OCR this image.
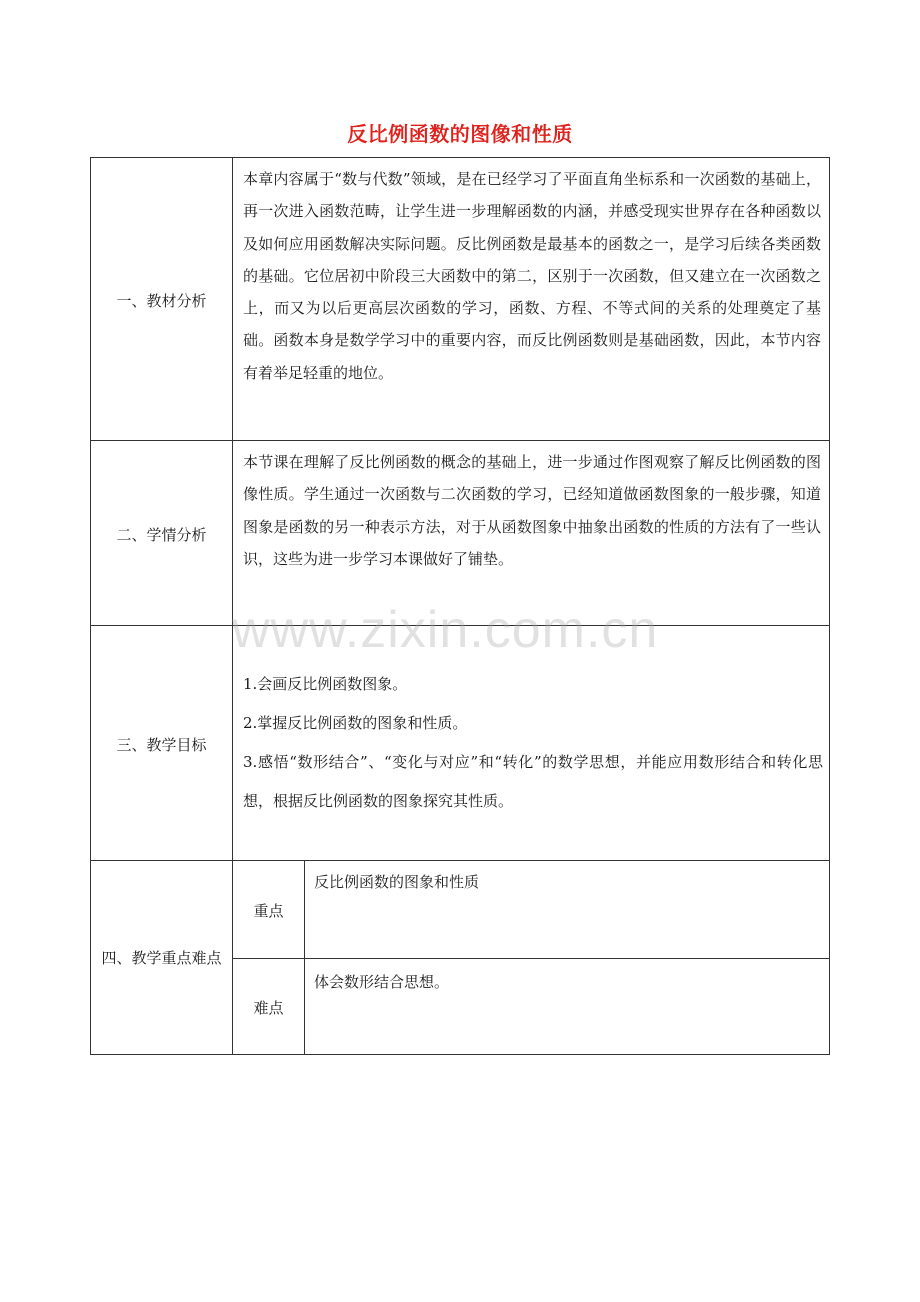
反比例函数的图像和性质
www.zixin.com.cn
一、教材分析

本章内容属于“数与代数”领域，是在已经学习了平面直角坐标系和一次函数的基础上，再一次进入函数范畴，让学生进一步理解函数的内涵，并感受现实世界存在各种函数以及如何应用函数解决实际问题。反比例函数是最基本的函数之一，是学习后续各类函数的基础。它位居初中阶段三大函数中的第二，区别于一次函数，但又建立在一次函数之上，而又为以后更高层次函数的学习，函数、方程、不等式间的关系的处理奠定了基础。函数本身是数学学习中的重要内容，而反比例函数则是基础函数，因此，本节内容有着举足轻重的地位。

二、学情分析

本节课在理解了反比例函数的概念的基础上，进一步通过作图观察了解反比例函数的图像性质。学生通过一次函数与二次函数的学习，已经知道做函数图象的一般步骤，知道图象是函数的另一种表示方法，对于从函数图象中抽象出函数的性质的方法有了一些认识，这些为进一步学习本课做好了铺垫。

三、教学目标
1.会画反比例函数图象。
2.掌握反比例函数的图象和性质。
3.感悟“数形结合”、“变化与对应”和“转化”的数学思想，并能应用数形结合和转化思想，根据反比例函数的图象探究其性质。
四、教学重点难点
重点
反比例函数的图象和性质
难点
体会数形结合思想。
